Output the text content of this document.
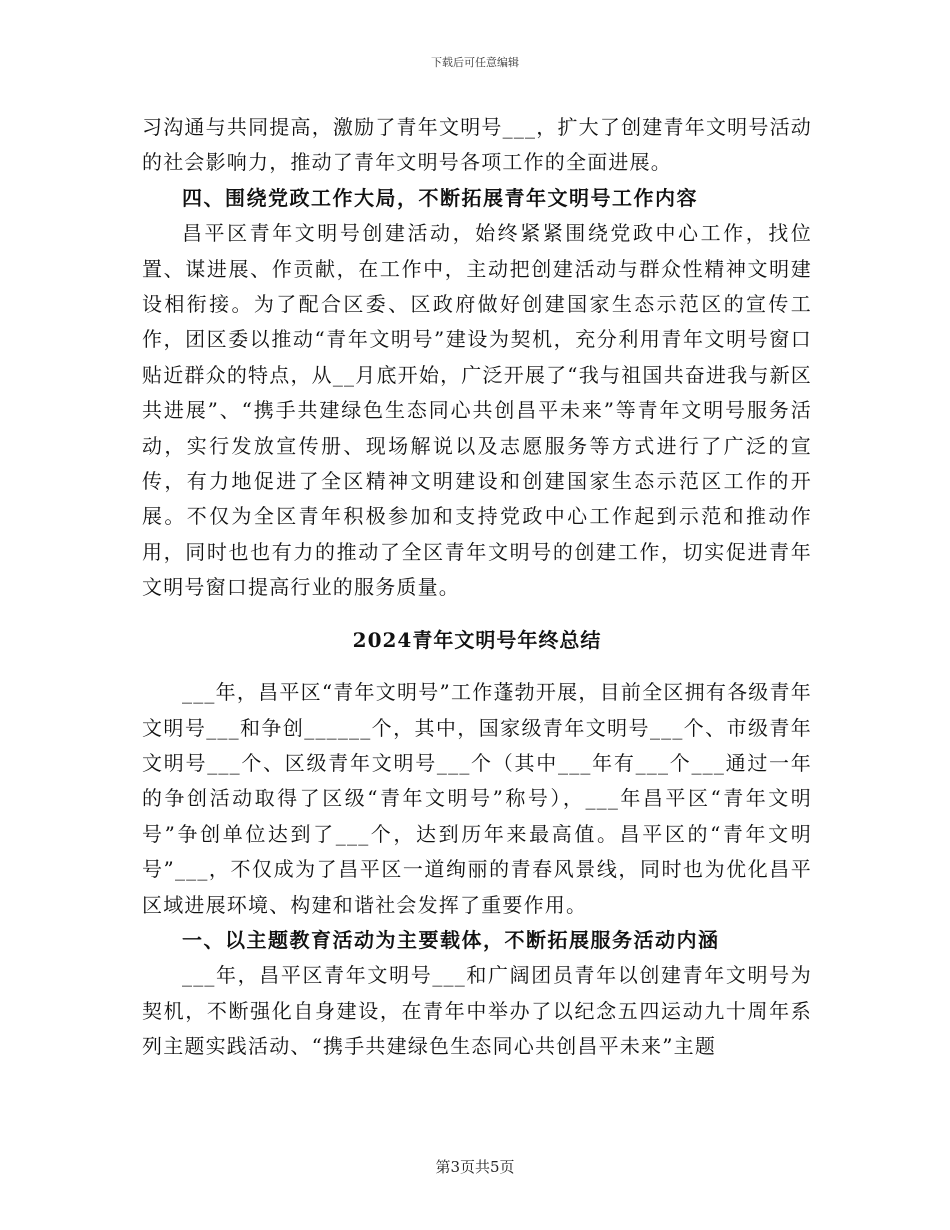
下载后可任意编辑

习沟通与共同提高，激励了青年文明号___，扩大了创建青年文明号活动的社会影响力，推动了青年文明号各项工作的全面进展。

四、围绕党政工作大局，不断拓展青年文明号工作内容

昌平区青年文明号创建活动，始终紧紧围绕党政中心工作，找位置、谋进展、作贡献，在工作中，主动把创建活动与群众性精神文明建设相衔接。为了配合区委、区政府做好创建国家生态示范区的宣传工作，团区委以推动“青年文明号”建设为契机，充分利用青年文明号窗口贴近群众的特点，从__月底开始，广泛开展了“我与祖国共奋进我与新区共进展”、“携手共建绿色生态同心共创昌平未来”等青年文明号服务活动，实行发放宣传册、现场解说以及志愿服务等方式进行了广泛的宣传，有力地促进了全区精神文明建设和创建国家生态示范区工作的开展。不仅为全区青年积极参加和支持党政中心工作起到示范和推动作用，同时也也有力的推动了全区青年文明号的创建工作，切实促进青年文明号窗口提高行业的服务质量。

2024青年文明号年终总结

___年，昌平区“青年文明号”工作蓬勃开展，目前全区拥有各级青年文明号___和争创______个，其中，国家级青年文明号___个、市级青年文明号___个、区级青年文明号___个（其中___年有___个___通过一年的争创活动取得了区级“青年文明号”称号），___年昌平区“青年文明号”争创单位达到了___个，达到历年来最高值。昌平区的“青年文明号”___，不仅成为了昌平区一道绚丽的青春风景线，同时也为优化昌平区域进展环境、构建和谐社会发挥了重要作用。

一、以主题教育活动为主要载体，不断拓展服务活动内涵

___年，昌平区青年文明号___和广阔团员青年以创建青年文明号为契机，不断强化自身建设，在青年中举办了以纪念五四运动九十周年系列主题实践活动、“携手共建绿色生态同心共创昌平未来”主题

第3页共5页
